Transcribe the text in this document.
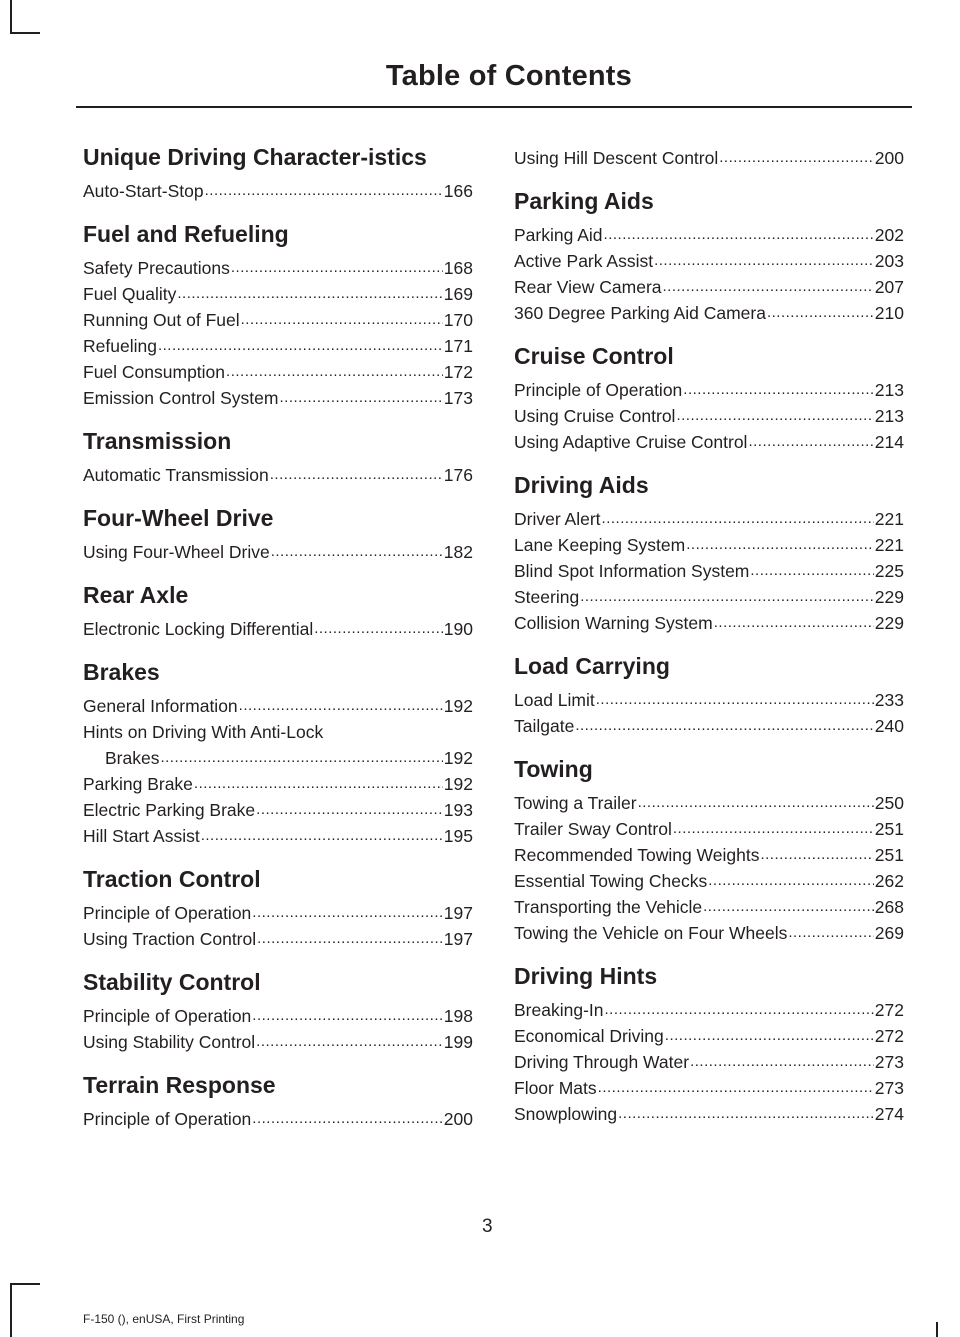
Table of Contents
Unique Driving Character-istics
Auto-Start-Stop .....	166
Fuel and Refueling
Safety Precautions .....	168
Fuel Quality .....	169
Running Out of Fuel .....	170
Refueling .....	171
Fuel Consumption .....	172
Emission Control System .....	173
Transmission
Automatic Transmission .....	176
Four-Wheel Drive
Using Four-Wheel Drive .....	182
Rear Axle
Electronic Locking Differential .....	190
Brakes
General Information .....	192
Hints on Driving With Anti-Lock
Brakes .....	192
Parking Brake .....	192
Electric Parking Brake .....	193
Hill Start Assist .....	195
Traction Control
Principle of Operation .....	197
Using Traction Control .....	197
Stability Control
Principle of Operation .....	198
Using Stability Control .....	199
Terrain Response
Principle of Operation .....	200
Using Hill Descent Control .....	200
Parking Aids
Parking Aid .....	202
Active Park Assist .....	203
Rear View Camera .....	207
360 Degree Parking Aid Camera .....	210
Cruise Control
Principle of Operation .....	213
Using Cruise Control .....	213
Using Adaptive Cruise Control .....	214
Driving Aids
Driver Alert .....	221
Lane Keeping System .....	221
Blind Spot Information System .....	225
Steering .....	229
Collision Warning System .....	229
Load Carrying
Load Limit .....	233
Tailgate .....	240
Towing
Towing a Trailer .....	250
Trailer Sway Control .....	251
Recommended Towing Weights .....	251
Essential Towing Checks .....	262
Transporting the Vehicle .....	268
Towing the Vehicle on Four Wheels .....	269
Driving Hints
Breaking-In .....	272
Economical Driving .....	272
Driving Through Water .....	273
Floor Mats .....	273
Snowplowing .....	274
3
F-150 (), enUSA, First Printing
